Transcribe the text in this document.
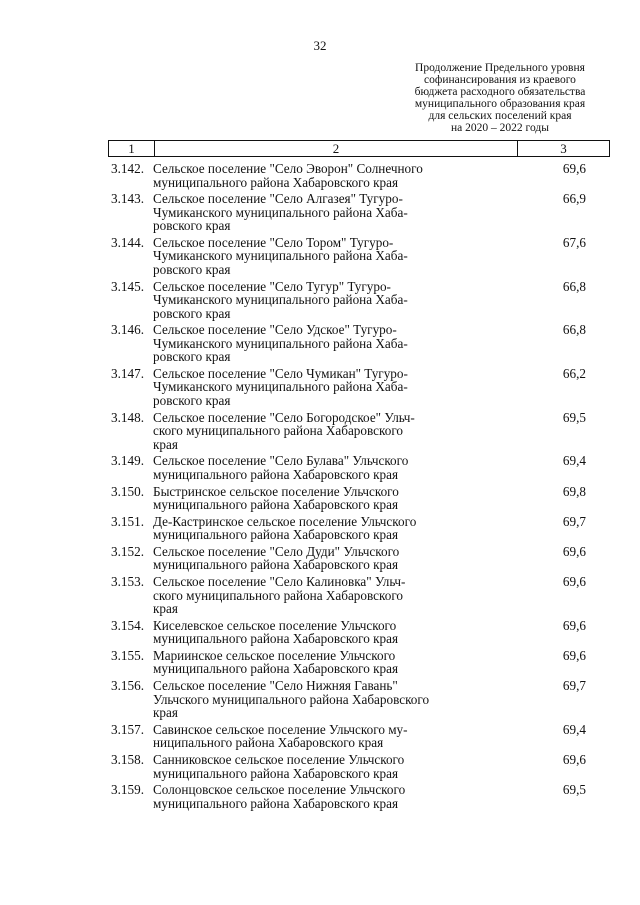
32
Продолжение Предельного уровня
софинансирования из краевого
бюджета расходного обязательства
муниципального образования края
для сельских поселений края
на 2020 – 2022 годы
1	2	3
3.142. Сельское поселение "Село Эворон" Солнечного
муниципального района Хабаровского края
69,6
3.143. Сельское поселение "Село Алгазея" Тугуро-
Чумиканского муниципального района Хаба-
ровского края
66,9
3.144. Сельское поселение "Село Тором" Тугуро-
Чумиканского муниципального района Хаба-
ровского края
67,6
3.145. Сельское поселение "Село Тугур" Тугуро-
Чумиканского муниципального района Хаба-
ровского края
66,8
3.146. Сельское поселение "Село Удское" Тугуро-
Чумиканского муниципального района Хаба-
ровского края
66,8
3.147. Сельское поселение "Село Чумикан" Тугуро-
Чумиканского муниципального района Хаба-
ровского края
66,2
3.148. Сельское поселение "Село Богородское" Ульч-
ского муниципального района Хабаровского
края
69,5
3.149. Сельское поселение "Село Булава" Ульчского
муниципального района Хабаровского края
69,4
3.150. Быстринское сельское поселение Ульчского
муниципального района Хабаровского края
69,8
3.151. Де-Кастринское сельское поселение Ульчского
муниципального района Хабаровского края
69,7
3.152. Сельское поселение "Село Дуди" Ульчского
муниципального района Хабаровского края
69,6
3.153. Сельское поселение "Село Калиновка" Ульч-
ского муниципального района Хабаровского
края
69,6
3.154. Киселевское сельское поселение Ульчского
муниципального района Хабаровского края
69,6
3.155. Мариинское сельское поселение Ульчского
муниципального района Хабаровского края
69,6
3.156. Сельское поселение "Село Нижняя Гавань"
Ульчского муниципального района Хабаровского
края
69,7
3.157. Савинское сельское поселение Ульчского му-
ниципального района Хабаровского края
69,4
3.158. Санниковское сельское поселение Ульчского
муниципального района Хабаровского края
69,6
3.159. Солонцовское сельское поселение Ульчского
муниципального района Хабаровского края
69,5
